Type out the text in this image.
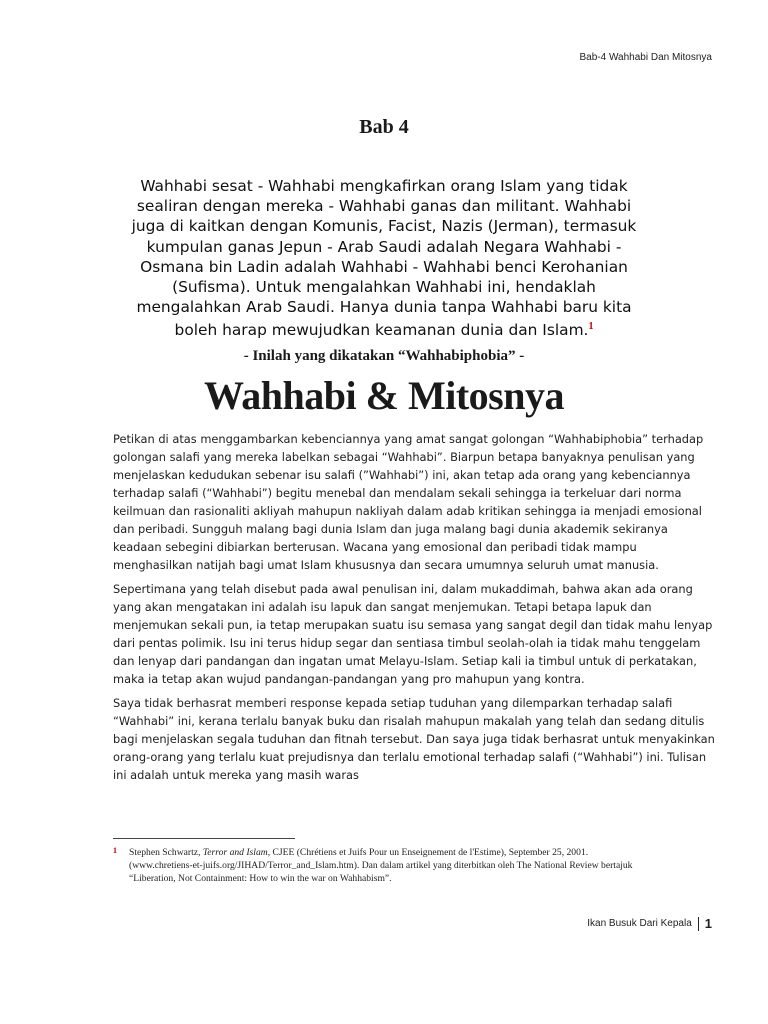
Bab-4 Wahhabi Dan Mitosnya
Bab 4
Wahhabi sesat - Wahhabi mengkafirkan orang Islam yang tidak sealiran dengan mereka - Wahhabi ganas dan militant. Wahhabi juga di kaitkan dengan Komunis, Facist, Nazis (Jerman), termasuk kumpulan ganas Jepun - Arab Saudi adalah Negara Wahhabi - Osmana bin Ladin adalah Wahhabi - Wahhabi benci Kerohanian (Sufisma). Untuk mengalahkan Wahhabi ini, hendaklah mengalahkan Arab Saudi. Hanya dunia tanpa Wahhabi baru kita boleh harap mewujudkan keamanan dunia dan Islam.$^1$
- Inilah yang dikatakan “Wahhabiphobia” -
Wahhabi & Mitosnya

Petikan di atas menggambarkan kebenciannya yang amat sangat golongan “Wahhabiphobia” terhadap golongan salafi yang mereka labelkan sebagai “Wahhabi”. Biarpun betapa banyaknya penulisan yang menjelaskan kedudukan sebenar isu salafi (”Wahhabi”) ini, akan tetap ada orang yang kebenciannya terhadap salafi (“Wahhabi”) begitu menebal dan mendalam sekali sehingga ia terkeluar dari norma keilmuan dan rasionaliti akliyah mahupun nakliyah dalam adab kritikan sehingga ia menjadi emosional dan peribadi. Sungguh malang bagi dunia Islam dan juga malang bagi dunia akademik sekiranya keadaan sebegini dibiarkan berterusan. Wacana yang emosional dan peribadi tidak mampu menghasilkan natijah bagi umat Islam khususnya dan secara umumnya seluruh umat manusia.

Sepertimana yang telah disebut pada awal penulisan ini, dalam mukaddimah, bahwa akan ada orang yang akan mengatakan ini adalah isu lapuk dan sangat menjemukan. Tetapi betapa lapuk dan menjemukan sekali pun, ia tetap merupakan suatu isu semasa yang sangat degil dan tidak mahu lenyap dari pentas polimik. Isu ini terus hidup segar dan sentiasa timbul seolah-olah ia tidak mahu tenggelam dan lenyap dari pandangan dan ingatan umat Melayu-Islam. Setiap kali ia timbul untuk di perkatakan, maka ia tetap akan wujud pandangan-pandangan yang pro mahupun yang kontra.

Saya tidak berhasrat memberi response kepada setiap tuduhan yang dilemparkan terhadap salafi “Wahhabi” ini, kerana terlalu banyak buku dan risalah mahupun makalah yang telah dan sedang ditulis bagi menjelaskan segala tuduhan dan fitnah tersebut. Dan saya juga tidak berhasrat untuk menyakinkan orang-orang yang terlalu kuat prejudisnya dan terlalu emotional terhadap salafi (“Wahhabi”) ini. Tulisan ini adalah untuk mereka yang masih waras

1 Stephen Schwartz, Terror and Islam, CJEE (Chrétiens et Juifs Pour un Enseignement de l'Estime), September 25, 2001. (www.chretiens-et-juifs.org/JIHAD/Terror_and_Islam.htm). Dan dalam artikel yang diterbitkan oleh The National Review bertajuk “Liberation, Not Containment: How to win the war on Wahhabism”.
Ikan Busuk Dari Kepala 1
